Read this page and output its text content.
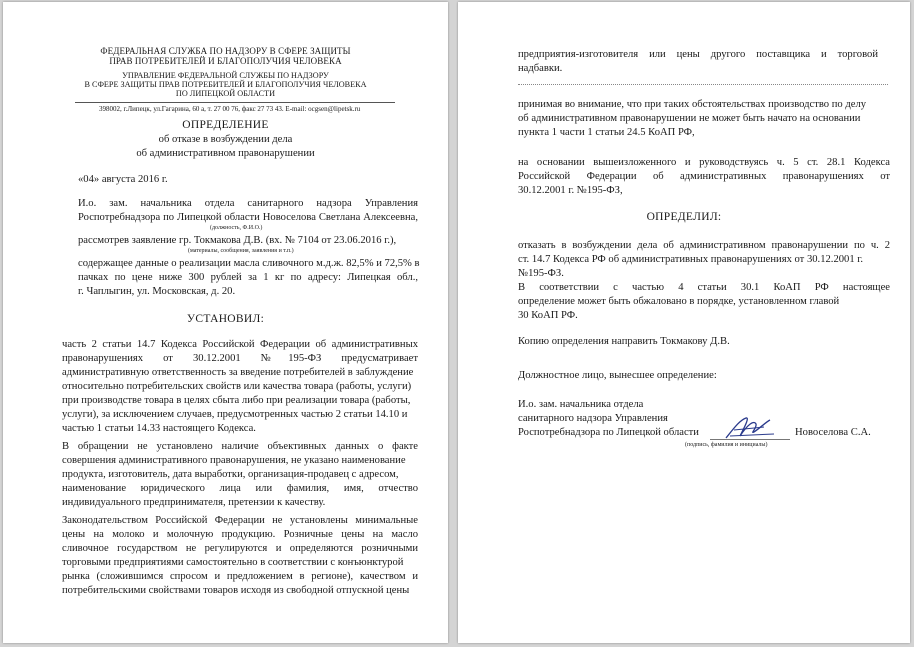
ФЕДЕРАЛЬНАЯ СЛУЖБА ПО НАДЗОРУ В СФЕРЕ ЗАЩИТЫ
ПРАВ ПОТРЕБИТЕЛЕЙ И БЛАГОПОЛУЧИЯ ЧЕЛОВЕКА
УПРАВЛЕНИЕ ФЕДЕРАЛЬНОЙ СЛУЖБЫ ПО НАДЗОРУ
В СФЕРЕ ЗАЩИТЫ ПРАВ ПОТРЕБИТЕЛЕЙ И БЛАГОПОЛУЧИЯ ЧЕЛОВЕКА
ПО ЛИПЕЦКОЙ ОБЛАСТИ
398002, г.Липецк, ул.Гагарина, 60 а, т. 27 00 76, факс 27 73 43. E-mail: ocgsen@lipetsk.ru
ОПРЕДЕЛЕНИЕ
об отказе в возбуждении дела
об административном правонарушении
«04» августа 2016 г.
И.о. зам. начальника отдела санитарного надзора Управления
Роспотребнадзора по Липецкой области Новоселова Светлана Алексеевна,
(должность, Ф.И.О.)
рассмотрев заявление гр. Токмакова Д.В. (вх. № 7104 от 23.06.2016 г.),
(материалы, сообщения, заявления и т.п.)
содержащее данные о реализации масла сливочного м.д.ж. 82,5% и 72,5% в
пачках по цене ниже 300 рублей за 1 кг по адресу: Липецкая обл.,
г. Чаплыгин, ул. Московская, д. 20.
УСТАНОВИЛ:
часть 2 статьи 14.7 Кодекса Российской Федерации об административных
правонарушениях от 30.12.2001 №195-ФЗ предусматривает
административную ответственность за введение потребителей в заблуждение
относительно потребительских свойств или качества товара (работы, услуги)
при производстве товара в целях сбыта либо при реализации товара (работы,
услуги), за исключением случаев, предусмотренных частью 2 статьи 14.10 и
частью 1 статьи 14.33 настоящего Кодекса.
В обращении не установлено наличие объективных данных о факте
совершения административного правонарушения, не указано наименование
продукта, изготовитель, дата выработки, организация-продавец с адресом,
наименование юридического лица или фамилия, имя, отчество
индивидуального предпринимателя, претензии к качеству.
Законодательством Российской Федерации не установлены минимальные
цены на молоко и молочную продукцию. Розничные цены на масло
сливочное государством не регулируются и определяются розничными
торговыми предприятиями самостоятельно в соответствии с конъюнктурой
рынка (сложившимся спросом и предложением в регионе), качеством и
потребительскими свойствами товаров исходя из свободной отпускной цены
предприятия-изготовителя или цены другого поставщика и торговой
надбавки.
принимая во внимание, что при таких обстоятельствах производство по делу
об административном правонарушении не может быть начато на основании
пункта 1 части 1 статьи 24.5 КоАП РФ,
на основании вышеизложенного и руководствуясь ч. 5 ст. 28.1 Кодекса
Российской Федерации об административных правонарушениях от
30.12.2001 г. №195-ФЗ,
ОПРЕДЕЛИЛ:
отказать в возбуждении дела об административном правонарушении по ч. 2
ст. 14.7 Кодекса РФ об административных правонарушениях от 30.12.2001 г.
№195-ФЗ.
В соответствии с частью 4 статьи 30.1 КоАП РФ настоящее
определение может быть обжаловано в порядке, установленном главой
30 КоАП РФ.
Копию определения направить Токмакову Д.В.
Должностное лицо, вынесшее определение:
И.о. зам. начальника отдела
санитарного надзора Управления
Роспотребнадзора по Липецкой области	Новоселова С.А.
(подпись, фамилия и инициалы)
